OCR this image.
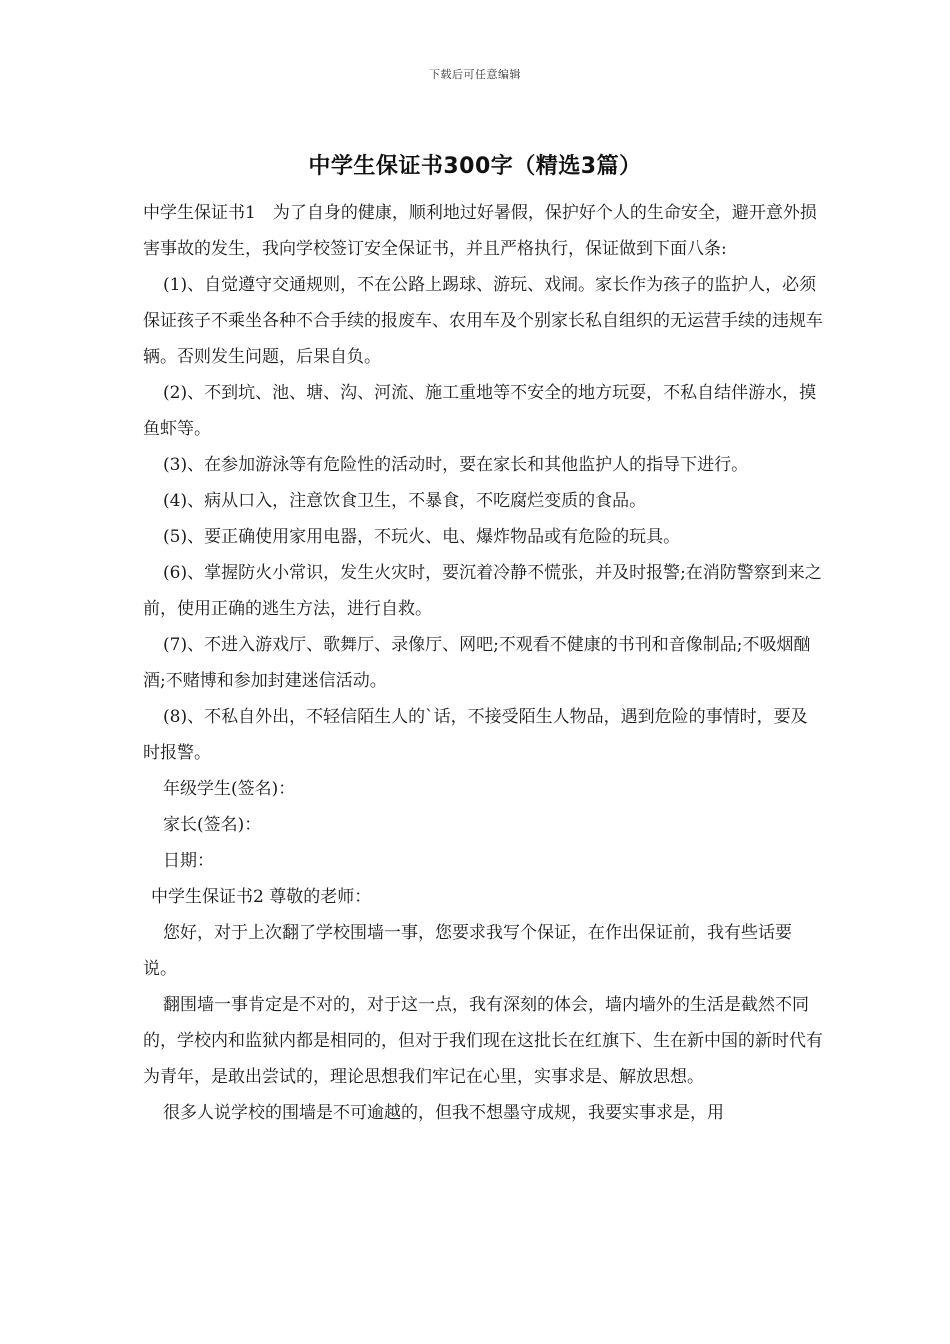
下载后可任意编辑
中学生保证书300字（精选3篇）

中学生保证书1　为了自身的健康，顺利地过好暑假，保护好个人的生命安全，避开意外损害事故的发生，我向学校签订安全保证书，并且严格执行，保证做到下面八条:

(1)、自觉遵守交通规则，不在公路上踢球、游玩、戏闹。家长作为孩子的监护人，必须保证孩子不乘坐各种不合手续的报废车、农用车及个别家长私自组织的无运营手续的违规车辆。否则发生问题，后果自负。

(2)、不到坑、池、塘、沟、河流、施工重地等不安全的地方玩耍，不私自结伴游水，摸鱼虾等。

(3)、在参加游泳等有危险性的活动时，要在家长和其他监护人的指导下进行。

(4)、病从口入，注意饮食卫生，不暴食，不吃腐烂变质的食品。

(5)、要正确使用家用电器，不玩火、电、爆炸物品或有危险的玩具。

(6)、掌握防火小常识，发生火灾时，要沉着冷静不慌张，并及时报警;在消防警察到来之前，使用正确的逃生方法，进行自救。

(7)、不进入游戏厅、歌舞厅、录像厅、网吧;不观看不健康的书刊和音像制品;不吸烟酗酒;不赌博和参加封建迷信活动。

(8)、不私自外出，不轻信陌生人的`话，不接受陌生人物品，遇到危险的事情时，要及时报警。

年级学生(签名)：

家长(签名)：

日期：

中学生保证书2 尊敬的老师：

您好，对于上次翻了学校围墙一事，您要求我写个保证，在作出保证前，我有些话要说。

翻围墙一事肯定是不对的，对于这一点，我有深刻的体会，墙内墙外的生活是截然不同的，学校内和监狱内都是相同的，但对于我们现在这批长在红旗下、生在新中国的新时代有为青年，是敢出尝试的，理论思想我们牢记在心里，实事求是、解放思想。

很多人说学校的围墙是不可逾越的，但我不想墨守成规，我要实事求是，用
